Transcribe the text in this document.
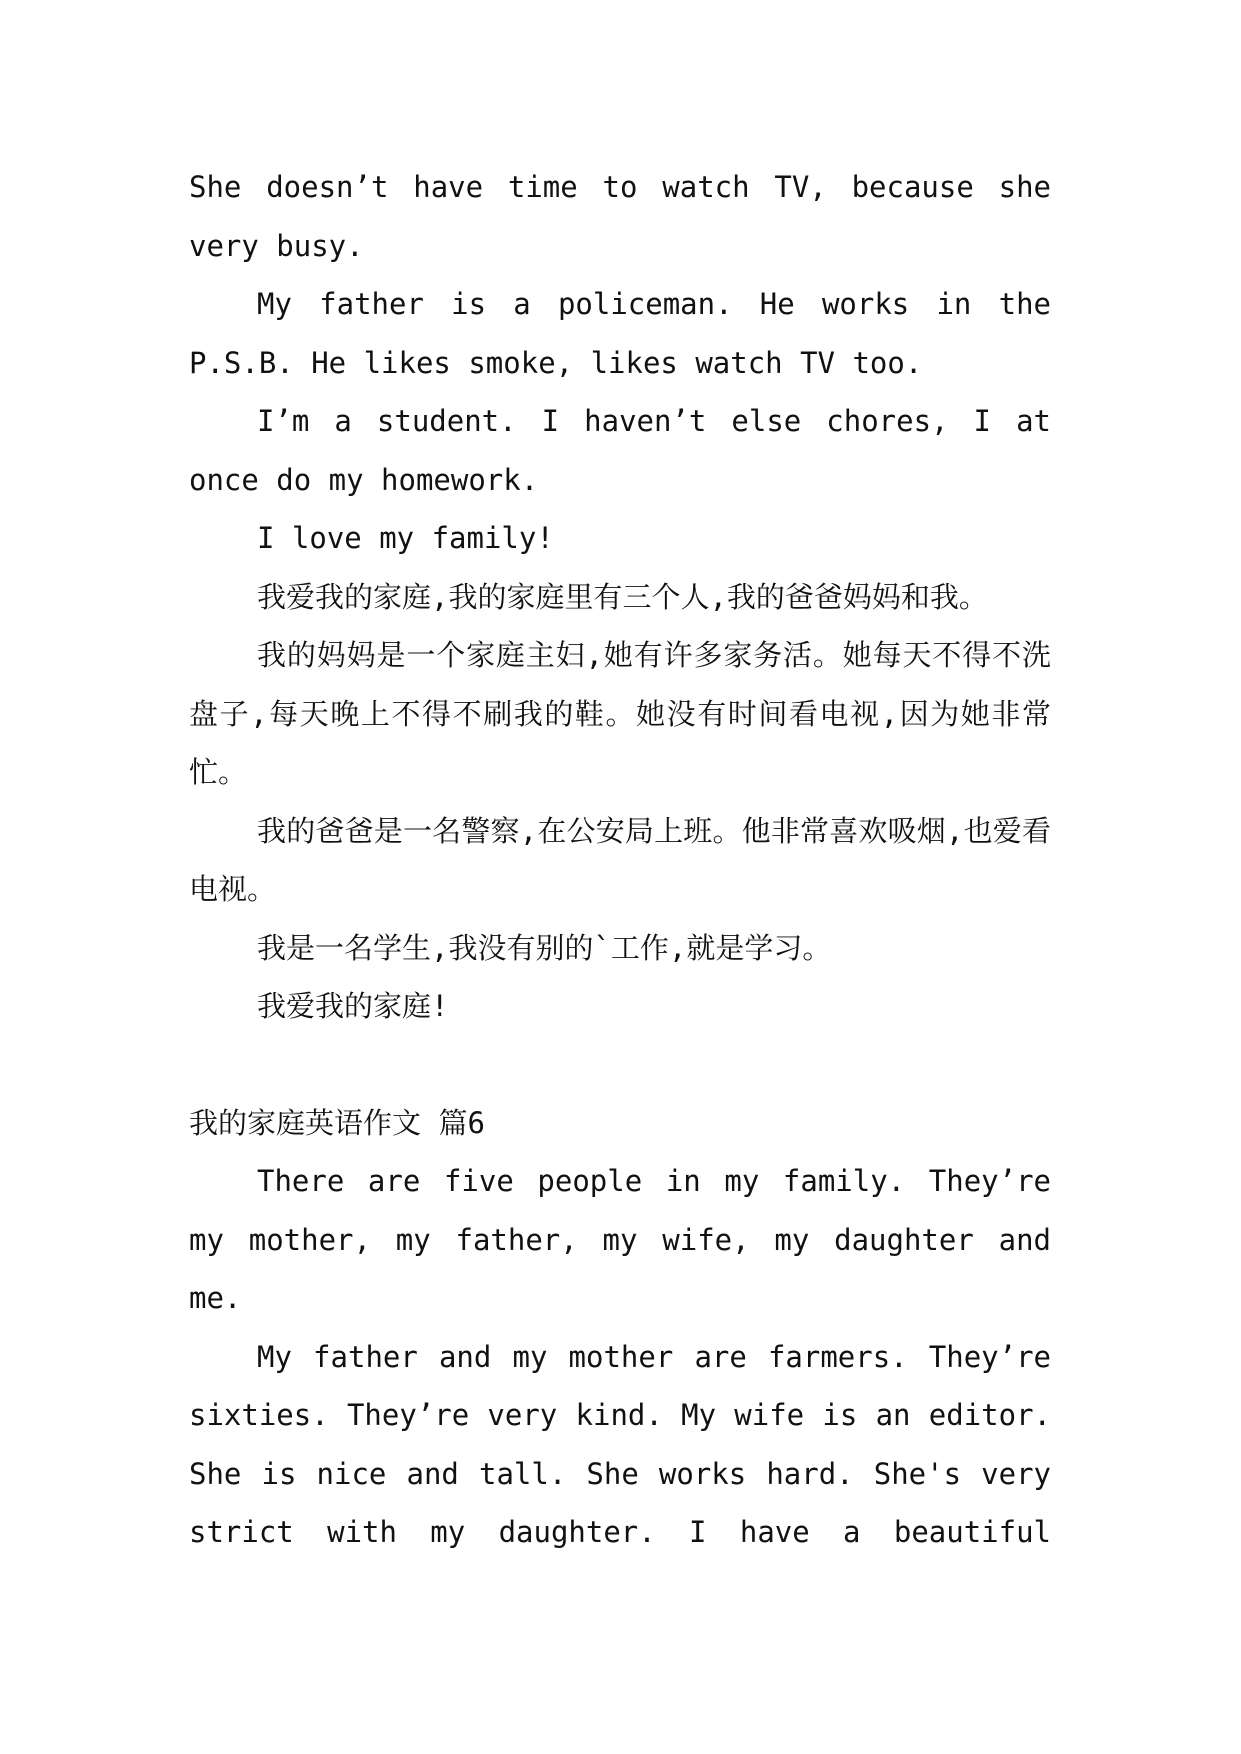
She doesn’t have time to watch TV, because she very busy.

My father is a policeman. He works in the P.S.B. He likes smoke, likes watch TV too.

I’m a student. I haven’t else chores, I at once do my homework.

I love my family!

我爱我的家庭,我的家庭里有三个人,我的爸爸妈妈和我。

我的妈妈是一个家庭主妇,她有许多家务活。她每天不得不洗盘子,每天晚上不得不刷我的鞋。她没有时间看电视,因为她非常忙。

我的爸爸是一名警察,在公安局上班。他非常喜欢吸烟,也爱看电视。

我是一名学生,我没有别的`工作,就是学习。

我爱我的家庭!

我的家庭英语作文 篇6

There are five people in my family. They’re my mother, my father, my wife, my daughter and me.

My father and my mother are farmers. They’re sixties. They’re very kind. My wife is an editor. She is nice and tall. She works hard. She's very strict with my daughter. I have a beautiful
